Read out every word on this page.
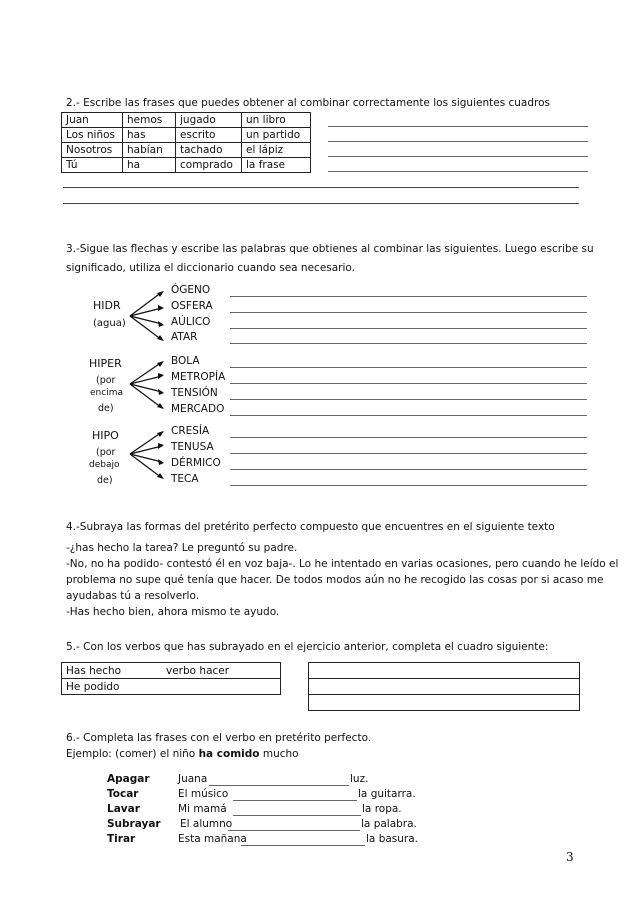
2.- Escribe las frases que puedes obtener al combinar correctamente los siguientes cuadros
Juan	hemos	jugado	un libro
Los niños	has	escrito	un partido
Nosotros	habían	tachado	el lápiz
Tú	ha	comprado	la frase
3.-Sigue las flechas y escribe las palabras que obtienes al combinar las siguientes. Luego escribe su
significado, utiliza el diccionario cuando sea necesario.
HIDR
(agua)
ÓGENO
OSFERA
AÚLICO
ATAR
HIPER
(por
encima
de)
BOLA
METROPÍA
TENSIÓN
MERCADO
HIPO
(por
debajo
de)
CRESÍA
TENUSA
DÉRMICO
TECA
4.-Subraya las formas del pretérito perfecto compuesto que encuentres en el siguiente texto
-¿has hecho la tarea? Le preguntó su padre.
-No, no ha podido- contestó él en voz baja-. Lo he intentado en varias ocasiones, pero cuando he leído el
problema no supe qué tenía que hacer. De todos modos aún no he recogido las cosas por si acaso me
ayudabas tú a resolverlo.
-Has hecho bien, ahora mismo te ayudo.
5.- Con los verbos que has subrayado en el ejercicio anterior, completa el cuadro siguiente:
Has hecho	verbo hacer
He podido	

6.- Completa las frases con el verbo en pretérito perfecto.
Ejemplo: (comer) el niño ha comido mucho
Apagar	Juana	luz.
Tocar	El músico	la guitarra.
Lavar	Mi mamá	la ropa.
Subrayar El alumno	la palabra.
Tirar	Esta mañana	la basura.
3
